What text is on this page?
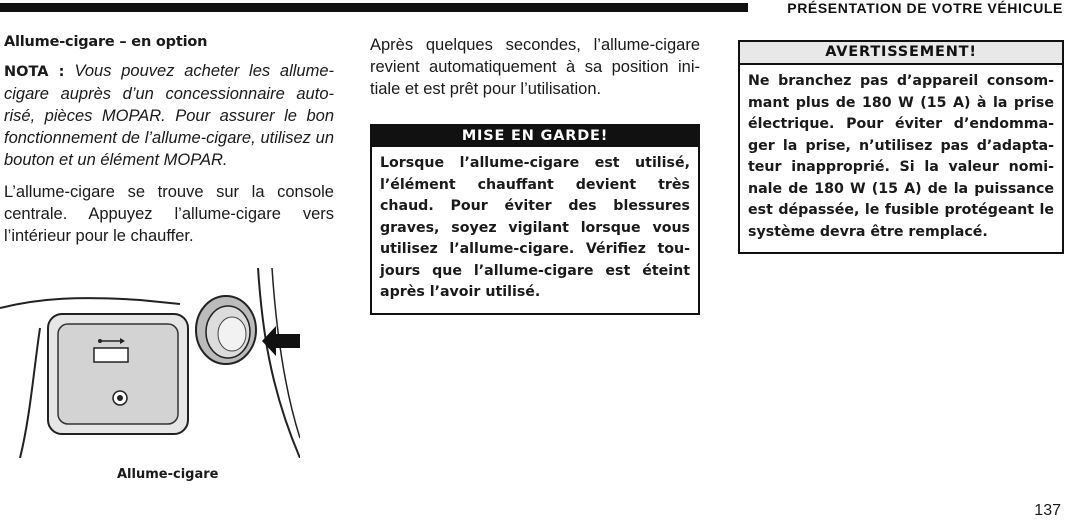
PRÉSENTATION DE VOTRE VÉHICULE
Allume-cigare – en option

NOTA : Vous pouvez acheter les allume-cigare auprès d’un concessionnaire auto-risé, pièces MOPAR. Pour assurer le bon fonctionnement de l’allume-cigare, utilisez un bouton et un élément MOPAR.

L’allume-cigare se trouve sur la console centrale. Appuyez l’allume-cigare vers l’intérieur pour le chauffer.

Allume-cigare

Après quelques secondes, l’allume-cigare revient automatiquement à sa position ini-tiale et est prêt pour l’utilisation.

MISE EN GARDE!
Lorsque l’allume-cigare est utilisé, l’élément chauffant devient très chaud. Pour éviter des blessures graves, soyez vigilant lorsque vous utilisez l’allume-cigare. Vérifiez tou-jours que l’allume-cigare est éteint après l’avoir utilisé.
AVERTISSEMENT!
Ne branchez pas d’appareil consom-mant plus de 180 W (15 A) à la prise électrique. Pour éviter d’endomma-ger la prise, n’utilisez pas d’adapta-teur inapproprié. Si la valeur nomi-nale de 180 W (15 A) de la puissance est dépassée, le fusible protégeant le système devra être remplacé.
137
